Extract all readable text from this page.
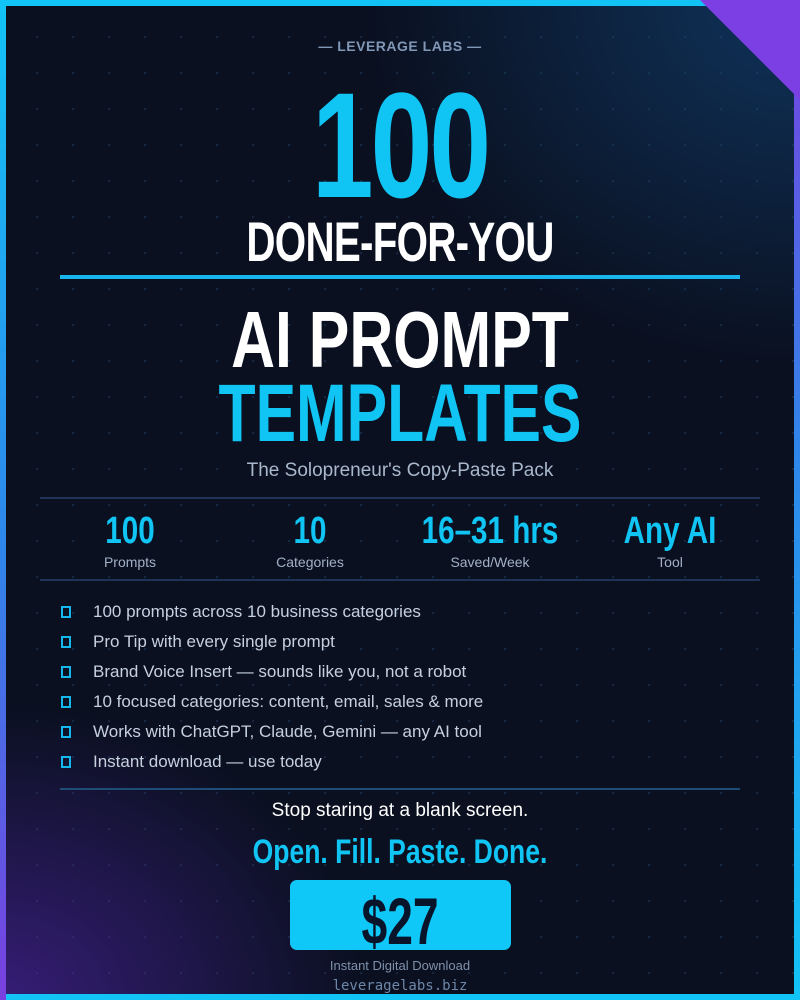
— LEVERAGE LABS —
100
DONE-FOR-YOU
AI PROMPT
TEMPLATES
The Solopreneur's Copy-Paste Pack
100
Prompts
10
Categories
16–31 hrs
Saved/Week
Any AI
Tool
100 prompts across 10 business categories
Pro Tip with every single prompt
Brand Voice Insert — sounds like you, not a robot
10 focused categories: content, email, sales & more
Works with ChatGPT, Claude, Gemini — any AI tool
Instant download — use today
Stop staring at a blank screen.
Open. Fill. Paste. Done.
$27
Instant Digital Download
leveragelabs.biz
